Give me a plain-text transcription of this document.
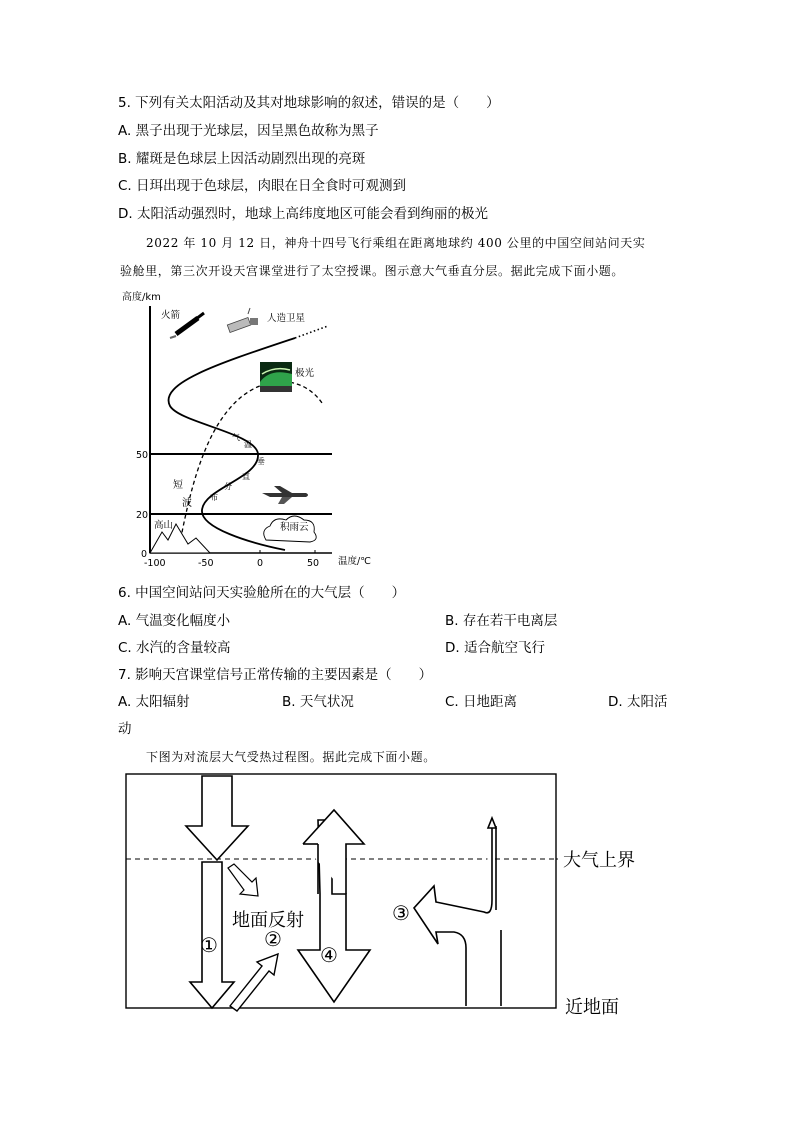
5. 下列有关太阳活动及其对地球影响的叙述，错误的是（　　）
A. 黑子出现于光球层，因呈黑色故称为黑子
B. 耀斑是色球层上因活动剧烈出现的亮斑
C. 日珥出现于色球层，肉眼在日全食时可观测到
D. 太阳活动强烈时，地球上高纬度地区可能会看到绚丽的极光
2022 年 10 月 12 日，神舟十四号飞行乘组在距离地球约 400 公里的中国空间站问天实
验舱里，第三次开设天宫课堂进行了太空授课。图示意大气垂直分层。据此完成下面小题。
高度/km
温度/℃
0
50
20
-100	-50	0	50
气
温
垂
直
分
布
短
波
火箭	人造卫星
极光
积雨云
高山
6. 中国空间站问天实验舱所在的大气层（　　）
A. 气温变化幅度小	B. 存在若干电离层
C. 水汽的含量较高	D. 适合航空飞行
7. 影响天宫课堂信号正常传输的主要因素是（　　）
A. 太阳辐射	B. 天气状况	C. 日地距离	D. 太阳活
动
下图为对流层大气受热过程图。据此完成下面小题。
大气上界
近地面
① ②
地面反射
④
③
